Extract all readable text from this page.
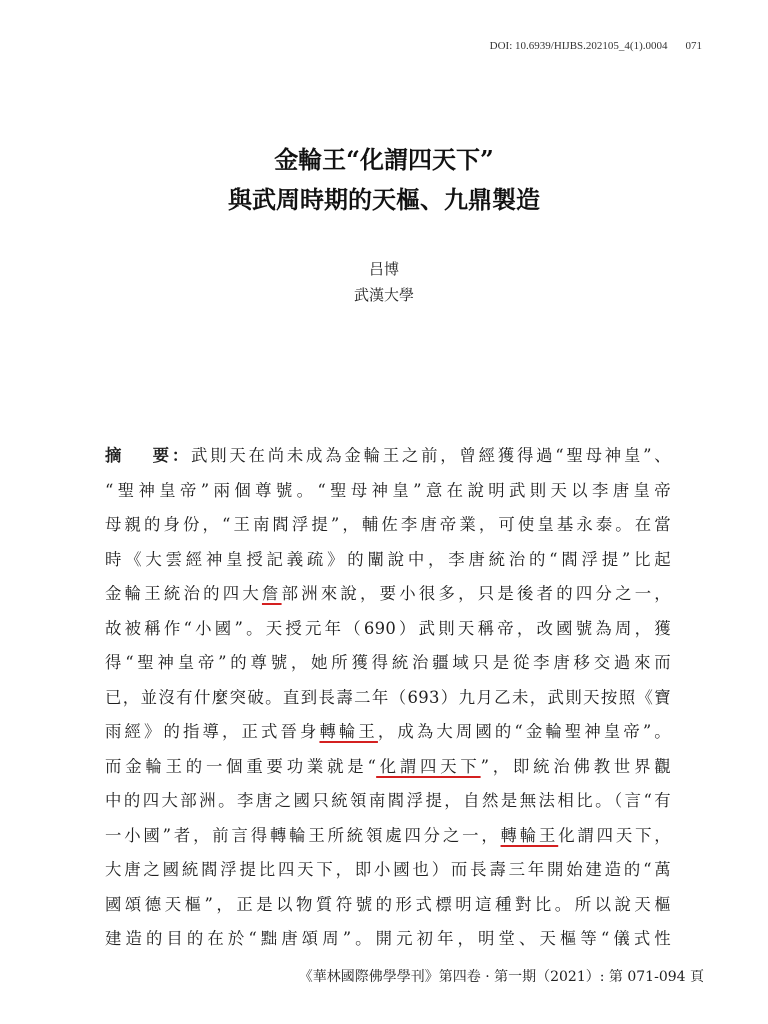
DOI: 10.6939/HIJBS.202105_4(1).0004 071
金輪王“化謂四天下”
與武周時期的天樞、九鼎製造
吕博
武漢大學
摘 要：武則天在尚未成為金輪王之前，曾經獲得過“聖母神皇”、
“聖神皇帝”兩個尊號。“聖母神皇”意在說明武則天以李唐皇帝
母親的身份，“王南閻浮提”，輔佐李唐帝業，可使皇基永泰。在當
時《大雲經神皇授記義疏》的闡說中，李唐統治的“閻浮提”比起
金輪王統治的四大詹部洲來說，要小很多，只是後者的四分之一，
故被稱作“小國”。天授元年（690）武則天稱帝，改國號為周，獲
得“聖神皇帝”的尊號，她所獲得統治疆域只是從李唐移交過來而
已，並沒有什麼突破。直到長壽二年（693）九月乙未，武則天按照《寶
雨經》的指導，正式晉身轉輪王，成為大周國的“金輪聖神皇帝”。
而金輪王的一個重要功業就是“化謂四天下”，即統治佛教世界觀
中的四大部洲。李唐之國只統領南閻浮提，自然是無法相比。（言“有
一小國”者，前言得轉輪王所統領處四分之一，轉輪王化謂四天下，
大唐之國統閻浮提比四天下，即小國也）而長壽三年開始建造的“萬
國頌德天樞”，正是以物質符號的形式標明這種對比。所以說天樞
建造的目的在於“黜唐頌周”。開元初年，明堂、天樞等“儀式性
《華林國際佛學學刊》第四卷 · 第一期（2021）: 第 071-094 頁
